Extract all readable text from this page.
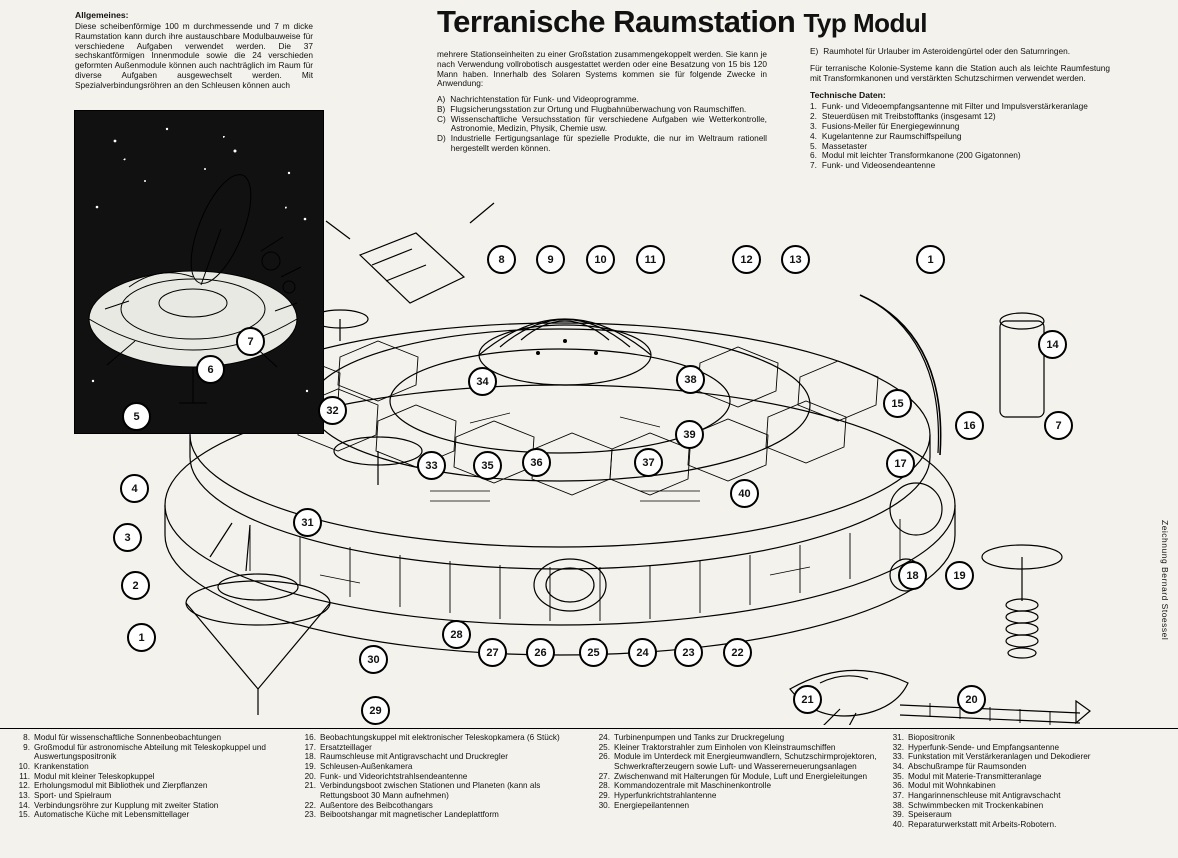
Terranische Raumstation Typ Modul
Allgemeines:
Diese scheibenförmige 100 m durchmessende und 7 m dicke Raumstation kann durch ihre austauschbare Modulbauweise für verschiedene Aufgaben verwendet werden. Die 37 sechskantförmigen Innenmodule sowie die 24 verschieden geformten Außenmodule können auch nachträglich im Raum für diverse Aufgaben ausgewechselt werden. Mit Spezialverbindungsröhren an den Schleusen können auch
mehrere Stationseinheiten zu einer Großstation zusammengekoppelt werden. Sie kann je nach Verwendung vollrobotisch ausgestattet werden oder eine Besatzung von 15 bis 120 Mann haben. Innerhalb des Solaren Systems kommen sie für folgende Zwecke in Anwendung:
A) Nachrichtenstation für Funk- und Videoprogramme.
B) Flugsicherungsstation zur Ortung und Flugbahnüberwachung von Raumschiffen.
C) Wissenschaftliche Versuchsstation für verschiedene Aufgaben wie Wetterkontrolle, Astronomie, Medizin, Physik, Chemie usw.
D) Industrielle Fertigungsanlage für spezielle Produkte, die nur im Weltraum rationell hergestellt werden können.
E) Raumhotel für Urlauber im Asteroidengürtel oder den Saturnringen.
Für terranische Kolonie-Systeme kann die Station auch als leichte Raumfestung mit Transformkanonen und verstärkten Schutzschirmen verwendet werden.
Technische Daten:
1. Funk- und Videoempfangsantenne mit Filter und Impulsverstärkeranlage
2. Steuerdüsen mit Treibstofftanks (insgesamt 12)
3. Fusions-Meiler für Energiegewinnung
4. Kugelantenne zur Raumschiffspeilung
5. Massetaster
6. Modul mit leichter Transformkanone (200 Gigatonnen)
7. Funk- und Videosendeantenne
8	9	10	11	12	13	1
14
7
15
16
17
18	19
20
21
22
23
24
25
26
27
28
29
30
31
32
33
34
35	36	37
38
39
40
1
2
3
4
5
6
7
Zeichnung Bernard Stoessel
8. Modul für wissenschaftliche Sonnenbeobachtungen
9. Großmodul für astronomische Abteilung mit Teleskopkuppel und Auswertungspositronik
10. Krankenstation
11. Modul mit kleiner Teleskopkuppel
12. Erholungsmodul mit Bibliothek und Zierpflanzen
13. Sport- und Spielraum
14. Verbindungsröhre zur Kupplung mit zweiter Station
15. Automatische Küche mit Lebensmittellager
16. Beobachtungskuppel mit elektronischer Teleskopkamera (6 Stück)
17. Ersatzteillager
18. Raumschleuse mit Antigravschacht und Druckregler
19. Schleusen-Außenkamera
20. Funk- und Videorichtstrahlsendeantenne
21. Verbindungsboot zwischen Stationen und Planeten (kann als Rettungsboot 30 Mann aufnehmen)
22. Außentore des Beibcothangars
23. Beibootshangar mit magnetischer Landeplattform
24. Turbinenpumpen und Tanks zur Druckregelung
25. Kleiner Traktorstrahler zum Einholen von Kleinstraumschiffen
26. Module im Unterdeck mit Energieumwandlern, Schutzschirmprojektoren, Schwerkrafterzeugern sowie Luft- und Wassererneuerungsanlagen
27. Zwischenwand mit Halterungen für Module, Luft und Energieleitungen
28. Kommandozentrale mit Maschinenkontrolle
29. Hyperfunkrichtstrahlantenne
30. Energiepeilantennen
31. Biopositronik
32. Hyperfunk-Sende- und Empfangsantenne
33. Funkstation mit Verstärkeranlagen und Dekodierer
34. Abschußrampe für Raumsonden
35. Modul mit Materie-Transmitteranlage
36. Modul mit Wohnkabinen
37. Hangarinnenschleuse mit Antigravschacht
38. Schwimmbecken mit Trockenkabinen
39. Speiseraum
40. Reparaturwerkstatt mit Arbeits-Robotern.
